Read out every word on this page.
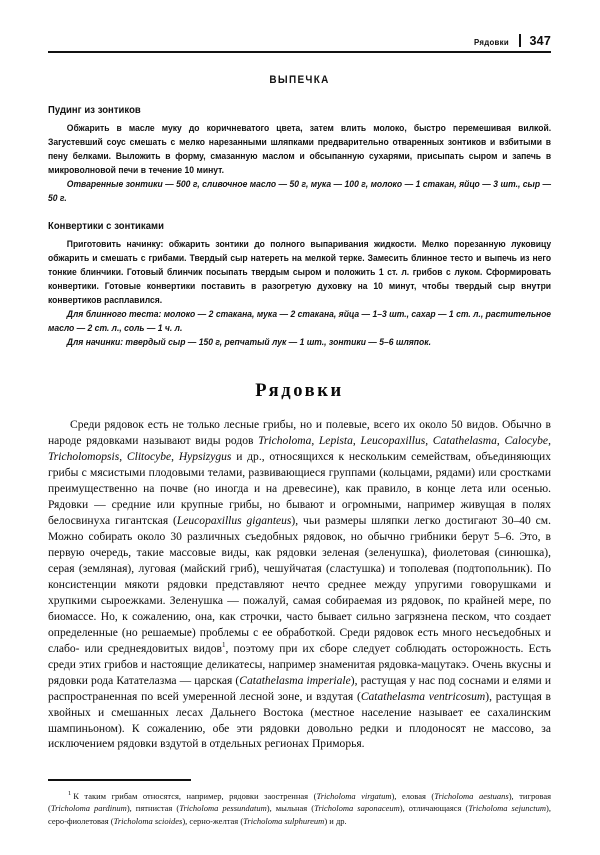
Рядовки 347
ВЫПЕЧКА
Пудинг из зонтиков

Обжарить в масле муку до коричневатого цвета, затем влить молоко, быстро перемешивая вилкой. Загустевший соус смешать с мелко нарезанными шляпками предварительно отваренных зонтиков и взбитыми в пену белками. Выложить в форму, смазанную маслом и обсыпанную сухарями, присыпать сыром и запечь в микроволновой печи в течение 10 минут.

Отваренные зонтики — 500 г, сливочное масло — 50 г, мука — 100 г, молоко — 1 стакан, яйцо — 3 шт., сыр — 50 г.

Конвертики с зонтиками

Приготовить начинку: обжарить зонтики до полного выпаривания жидкости. Мелко порезанную луковицу обжарить и смешать с грибами. Твердый сыр натереть на мелкой терке. Замесить блинное тесто и выпечь из него тонкие блинчики. Готовый блинчик посыпать твердым сыром и положить 1 ст. л. грибов с луком. Сформировать конвертики. Готовые конвертики поставить в разогретую духовку на 10 минут, чтобы твердый сыр внутри конвертиков расплавился.

Для блинного теста: молоко — 2 стакана, мука — 2 стакана, яйца — 1–3 шт., сахар — 1 ст. л., растительное масло — 2 ст. л., соль — 1 ч. л.

Для начинки: твердый сыр — 150 г, репчатый лук — 1 шт., зонтики — 5–6 шляпок.

Рядовки

Среди рядовок есть не только лесные грибы, но и полевые, всего их около 50 видов. Обычно в народе рядовками называют виды родов Tricholoma, Lepista, Leucopaxillus, Catathelasma, Calocybe, Tricholomopsis, Clitocybe, Hypsizygus и др., относящихся к нескольким семействам, объединяющих грибы с мясистыми плодовыми телами, развивающиеся группами (кольцами, рядами) или сростками преимущественно на почве (но иногда и на древесине), как правило, в конце лета или осенью. Рядовки — средние или крупные грибы, но бывают и огромными, например живущая в полях белосвинуха гигантская (Leucopaxillus giganteus), чьи размеры шляпки легко достигают 30–40 см. Можно собирать около 30 различных съедобных рядовок, но обычно грибники берут 5–6. Это, в первую очередь, такие массовые виды, как рядовки зеленая (зеленушка), фиолетовая (синюшка), серая (земляная), луговая (майский гриб), чешуйчатая (сластушка) и тополевая (подтопольник). По консистенции мякоти рядовки представляют нечто среднее между упругими говорушками и хрупкими сыроежками. Зеленушка — пожалуй, самая собираемая из рядовок, по крайней мере, по биомассе. Но, к сожалению, она, как строчки, часто бывает сильно загрязнена песком, что создает определенные (но решаемые) проблемы с ее обработкой. Среди рядовок есть много несъедобных и слабо- или среднеядовитых видов$^1$, поэтому при их сборе следует соблюдать осторожность. Есть среди этих грибов и настоящие деликатесы, например знаменитая рядовка-мацутакэ. Очень вкусны и рядовки рода Кататeлазма — царская (Catathelasma imperiale), растущая у нас под соснами и елями и распространенная по всей умеренной лесной зоне, и вздутая (Catathelasma ventricosum), растущая в хвойных и смешанных лесах Дальнего Востока (местное население называет ее сахалинским шампиньоном). К сожалению, обе эти рядовки довольно редки и плодоносят не массово, за исключением рядовки вздутой в отдельных регионах Приморья.

$^1$ К таким грибам относятся, например, рядовки заостренная (Tricholoma virgatum), еловая (Tricholoma aestuans), тигровая (Tricholoma pardinum), пятнистая (Tricholoma pessundatum), мыльная (Tricholoma saponaceum), отличающаяся (Tricholoma sejunctum), серо-фиолетовая (Tricholoma scioides), серно-желтая (Tricholoma sulphureum) и др.
